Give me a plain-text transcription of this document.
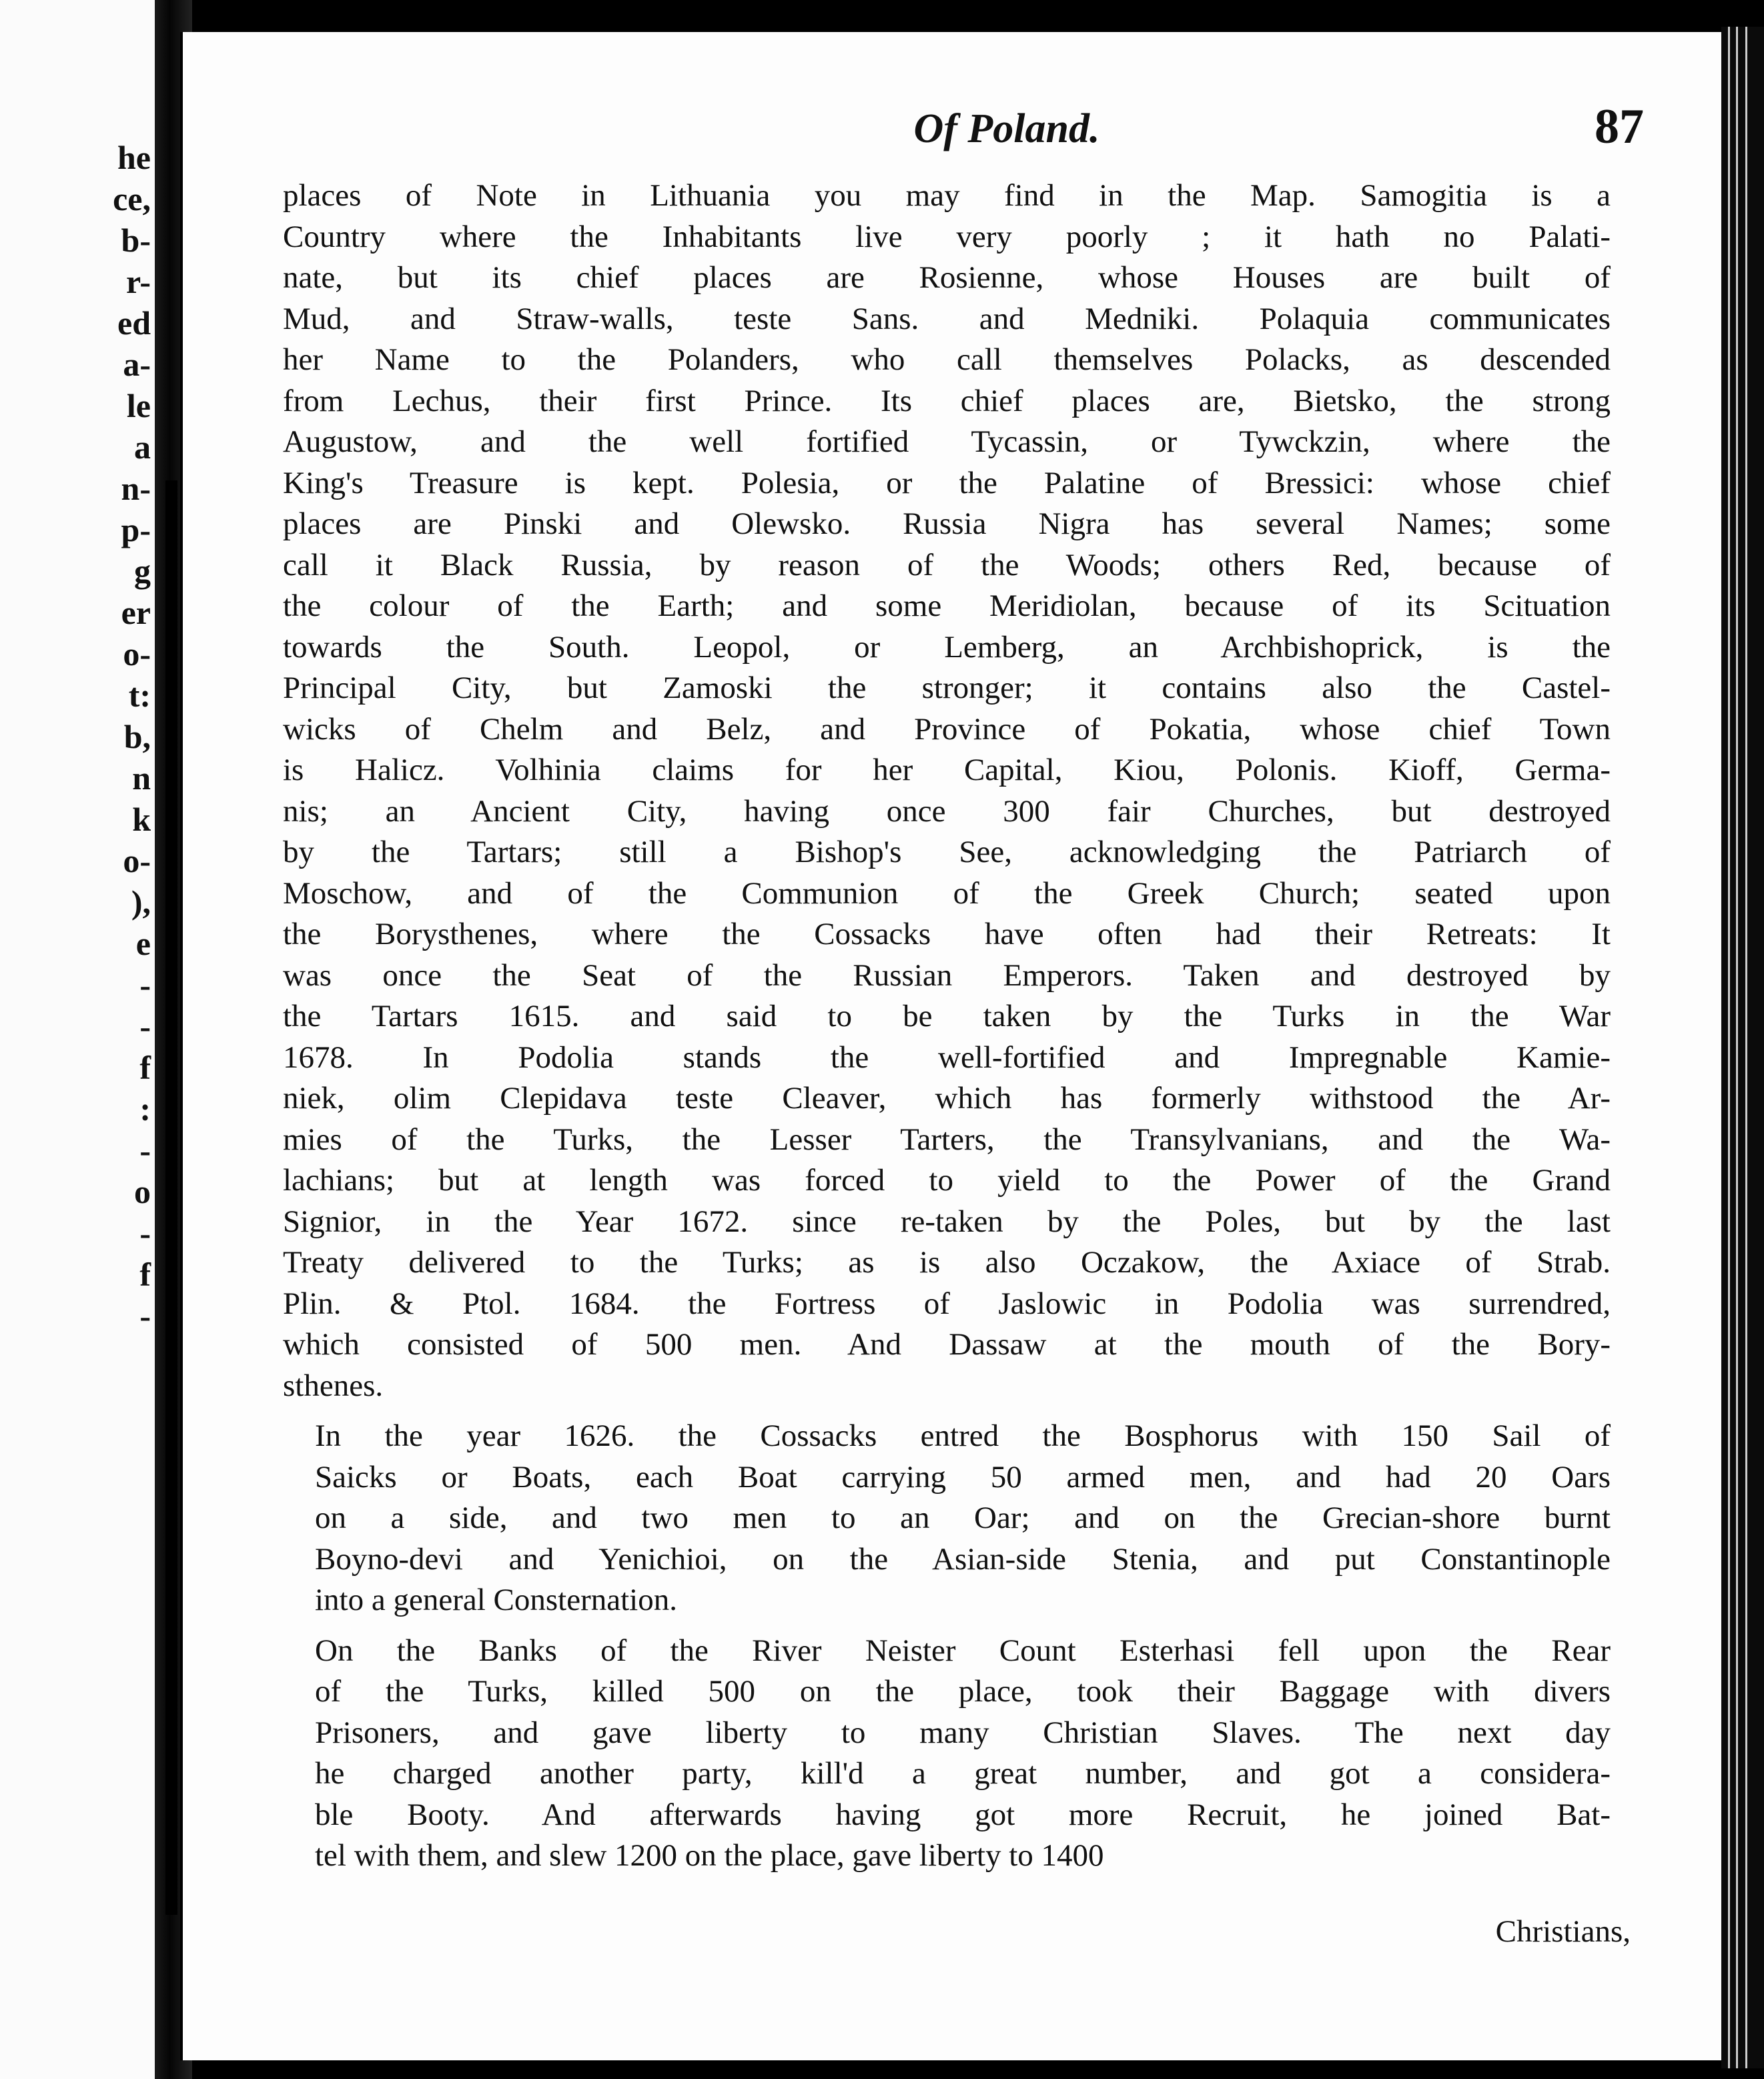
he
ce,
b-
r-
ed
a-
le
a
n-
p-
g
er
o-
t:
b,
n
k
o-
),
e
-
-
f
:
-
o
-
f
-
Of Poland.	87
places of Note in Lithuania you may find in the Map. Samogitia is a
Country where the Inhabitants live very poorly ; it hath no Palati-
nate, but its chief places are Rosienne, whose Houses are built of
Mud, and Straw-walls, teste Sans. and Medniki. Polaquia communicates
her Name to the Polanders, who call themselves Polacks, as descended
from Lechus, their first Prince. Its chief places are, Bietsko, the strong
Augustow, and the well fortified Tycassin, or Tywckzin, where the
King's Treasure is kept. Polesia, or the Palatine of Bressici: whose chief
places are Pinski and Olewsko. Russia Nigra has several Names; some
call it Black Russia, by reason of the Woods; others Red, because of
the colour of the Earth; and some Meridiolan, because of its Scituation
towards the South. Leopol, or Lemberg, an Archbishoprick, is the
Principal City, but Zamoski the stronger; it contains also the Castel-
wicks of Chelm and Belz, and Province of Pokatia, whose chief Town
is Halicz. Volhinia claims for her Capital, Kiou, Polonis. Kioff, Germa-
nis; an Ancient City, having once 300 fair Churches, but destroyed
by the Tartars; still a Bishop's See, acknowledging the Patriarch of
Moschow, and of the Communion of the Greek Church; seated upon
the Borysthenes, where the Cossacks have often had their Retreats: It
was once the Seat of the Russian Emperors. Taken and destroyed by
the Tartars 1615. and said to be taken by the Turks in the War
1678. In Podolia stands the well-fortified and Impregnable Kamie-
niek, olim Clepidava teste Cleaver, which has formerly withstood the Ar-
mies of the Turks, the Lesser Tarters, the Transylvanians, and the Wa-
lachians; but at length was forced to yield to the Power of the Grand
Signior, in the Year 1672. since re-taken by the Poles, but by the last
Treaty delivered to the Turks; as is also Oczakow, the Axiace of Strab.
Plin. & Ptol. 1684. the Fortress of Jaslowic in Podolia was surrendred,
which consisted of 500 men. And Dassaw at the mouth of the Bory-
sthenes.
In the year 1626. the Cossacks entred the Bosphorus with 150 Sail of
Saicks or Boats, each Boat carrying 50 armed men, and had 20 Oars
on a side, and two men to an Oar; and on the Grecian-shore burnt
Boyno-devi and Yenichioi, on the Asian-side Stenia, and put Constantinople
into a general Consternation.
On the Banks of the River Neister Count Esterhasi fell upon the Rear
of the Turks, killed 500 on the place, took their Baggage with divers
Prisoners, and gave liberty to many Christian Slaves. The next day
he charged another party, kill'd a great number, and got a considera-
ble Booty. And afterwards having got more Recruit, he joined Bat-
tel with them, and slew 1200 on the place, gave liberty to 1400
Christians,
